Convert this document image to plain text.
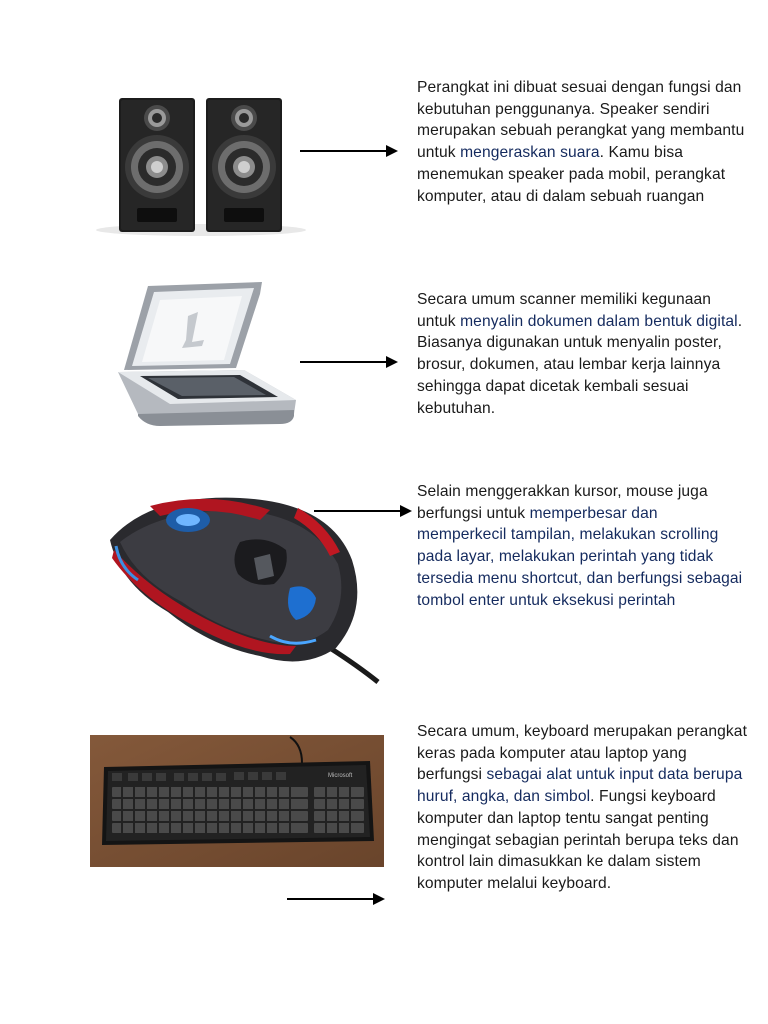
Perangkat ini dibuat sesuai dengan fungsi dan kebutuhan penggunanya. Speaker sendiri merupakan sebuah perangkat yang membantu untuk mengeraskan suara. Kamu bisa menemukan speaker pada mobil, perangkat komputer, atau di dalam sebuah ruangan

Secara umum scanner memiliki kegunaan untuk menyalin dokumen dalam bentuk digital. Biasanya digunakan untuk menyalin poster, brosur, dokumen, atau lembar kerja lainnya sehingga dapat dicetak kembali sesuai kebutuhan.

Selain menggerakkan kursor, mouse juga berfungsi untuk memperbesar dan memperkecil tampilan, melakukan scrolling pada layar, melakukan perintah yang tidak tersedia menu shortcut, dan berfungsi sebagai tombol enter untuk eksekusi perintah

Microsoft

Secara umum, keyboard merupakan perangkat keras pada komputer atau laptop yang berfungsi sebagai alat untuk input data berupa huruf, angka, dan simbol. Fungsi keyboard komputer dan laptop tentu sangat penting mengingat sebagian perintah berupa teks dan kontrol lain dimasukkan ke dalam sistem komputer melalui keyboard.
